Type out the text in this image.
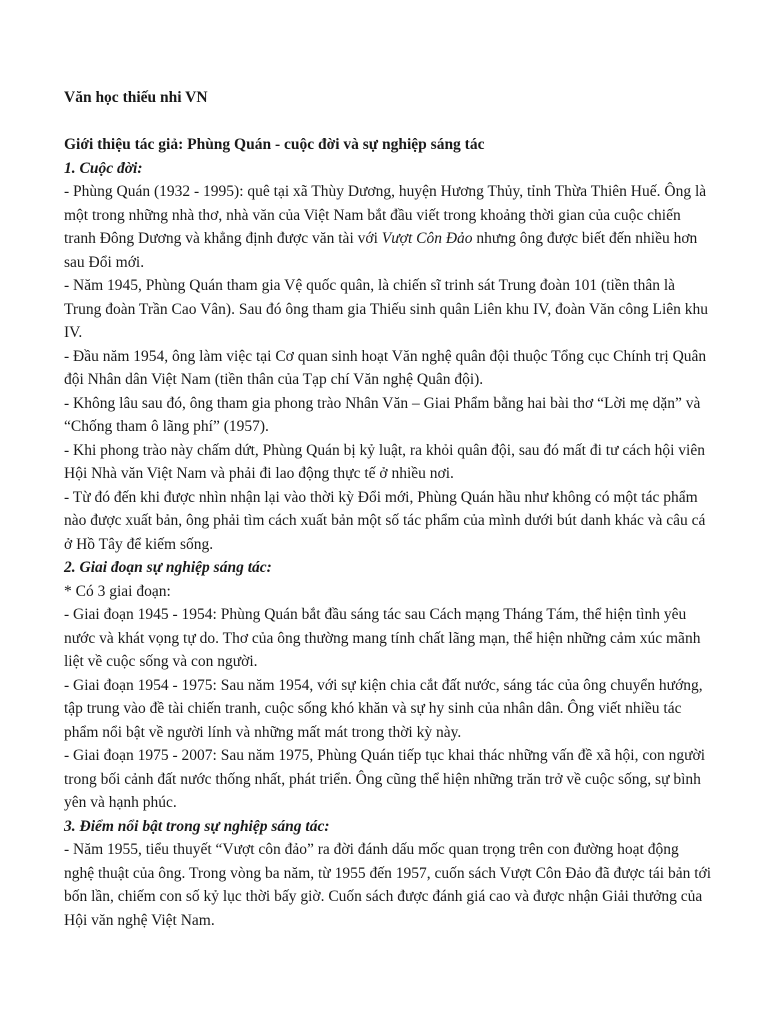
Văn học thiếu nhi VN

Giới thiệu tác giả: Phùng Quán - cuộc đời và sự nghiệp sáng tác

1. Cuộc đời:

- Phùng Quán (1932 - 1995): quê tại xã Thùy Dương, huyện Hương Thủy, tỉnh Thừa Thiên Huế. Ông là một trong những nhà thơ, nhà văn của Việt Nam bắt đầu viết trong khoảng thời gian của cuộc chiến tranh Đông Dương và khẳng định được văn tài với Vượt Côn Đảo nhưng ông được biết đến nhiều hơn sau Đổi mới.

- Năm 1945, Phùng Quán tham gia Vệ quốc quân, là chiến sĩ trinh sát Trung đoàn 101 (tiền thân là Trung đoàn Trần Cao Vân). Sau đó ông tham gia Thiếu sinh quân Liên khu IV, đoàn Văn công Liên khu IV.

- Đầu năm 1954, ông làm việc tại Cơ quan sinh hoạt Văn nghệ quân đội thuộc Tổng cục Chính trị Quân đội Nhân dân Việt Nam (tiền thân của Tạp chí Văn nghệ Quân đội).

- Không lâu sau đó, ông tham gia phong trào Nhân Văn – Giai Phẩm bằng hai bài thơ “Lời mẹ dặn” và “Chống tham ô lãng phí” (1957).

- Khi phong trào này chấm dứt, Phùng Quán bị kỷ luật, ra khỏi quân đội, sau đó mất đi tư cách hội viên Hội Nhà văn Việt Nam và phải đi lao động thực tế ở nhiều nơi.

- Từ đó đến khi được nhìn nhận lại vào thời kỳ Đổi mới, Phùng Quán hầu như không có một tác phẩm nào được xuất bản, ông phải tìm cách xuất bản một số tác phẩm của mình dưới bút danh khác và câu cá ở Hồ Tây để kiếm sống.

2. Giai đoạn sự nghiệp sáng tác:

* Có 3 giai đoạn:

- Giai đoạn 1945 - 1954: Phùng Quán bắt đầu sáng tác sau Cách mạng Tháng Tám, thể hiện tình yêu nước và khát vọng tự do. Thơ của ông thường mang tính chất lãng mạn, thể hiện những cảm xúc mãnh liệt về cuộc sống và con người.

- Giai đoạn 1954 - 1975: Sau năm 1954, với sự kiện chia cắt đất nước, sáng tác của ông chuyển hướng, tập trung vào đề tài chiến tranh, cuộc sống khó khăn và sự hy sinh của nhân dân. Ông viết nhiều tác phẩm nổi bật về người lính và những mất mát trong thời kỳ này.

- Giai đoạn 1975 - 2007: Sau năm 1975, Phùng Quán tiếp tục khai thác những vấn đề xã hội, con người trong bối cảnh đất nước thống nhất, phát triển. Ông cũng thể hiện những trăn trở về cuộc sống, sự bình yên và hạnh phúc.

3. Điểm nổi bật trong sự nghiệp sáng tác:

- Năm 1955, tiểu thuyết “Vượt côn đảo” ra đời đánh dấu mốc quan trọng trên con đường hoạt động nghệ thuật của ông. Trong vòng ba năm, từ 1955 đến 1957, cuốn sách Vượt Côn Đảo đã được tái bản tới bốn lần, chiếm con số kỷ lục thời bấy giờ. Cuốn sách được đánh giá cao và được nhận Giải thưởng của Hội văn nghệ Việt Nam.
